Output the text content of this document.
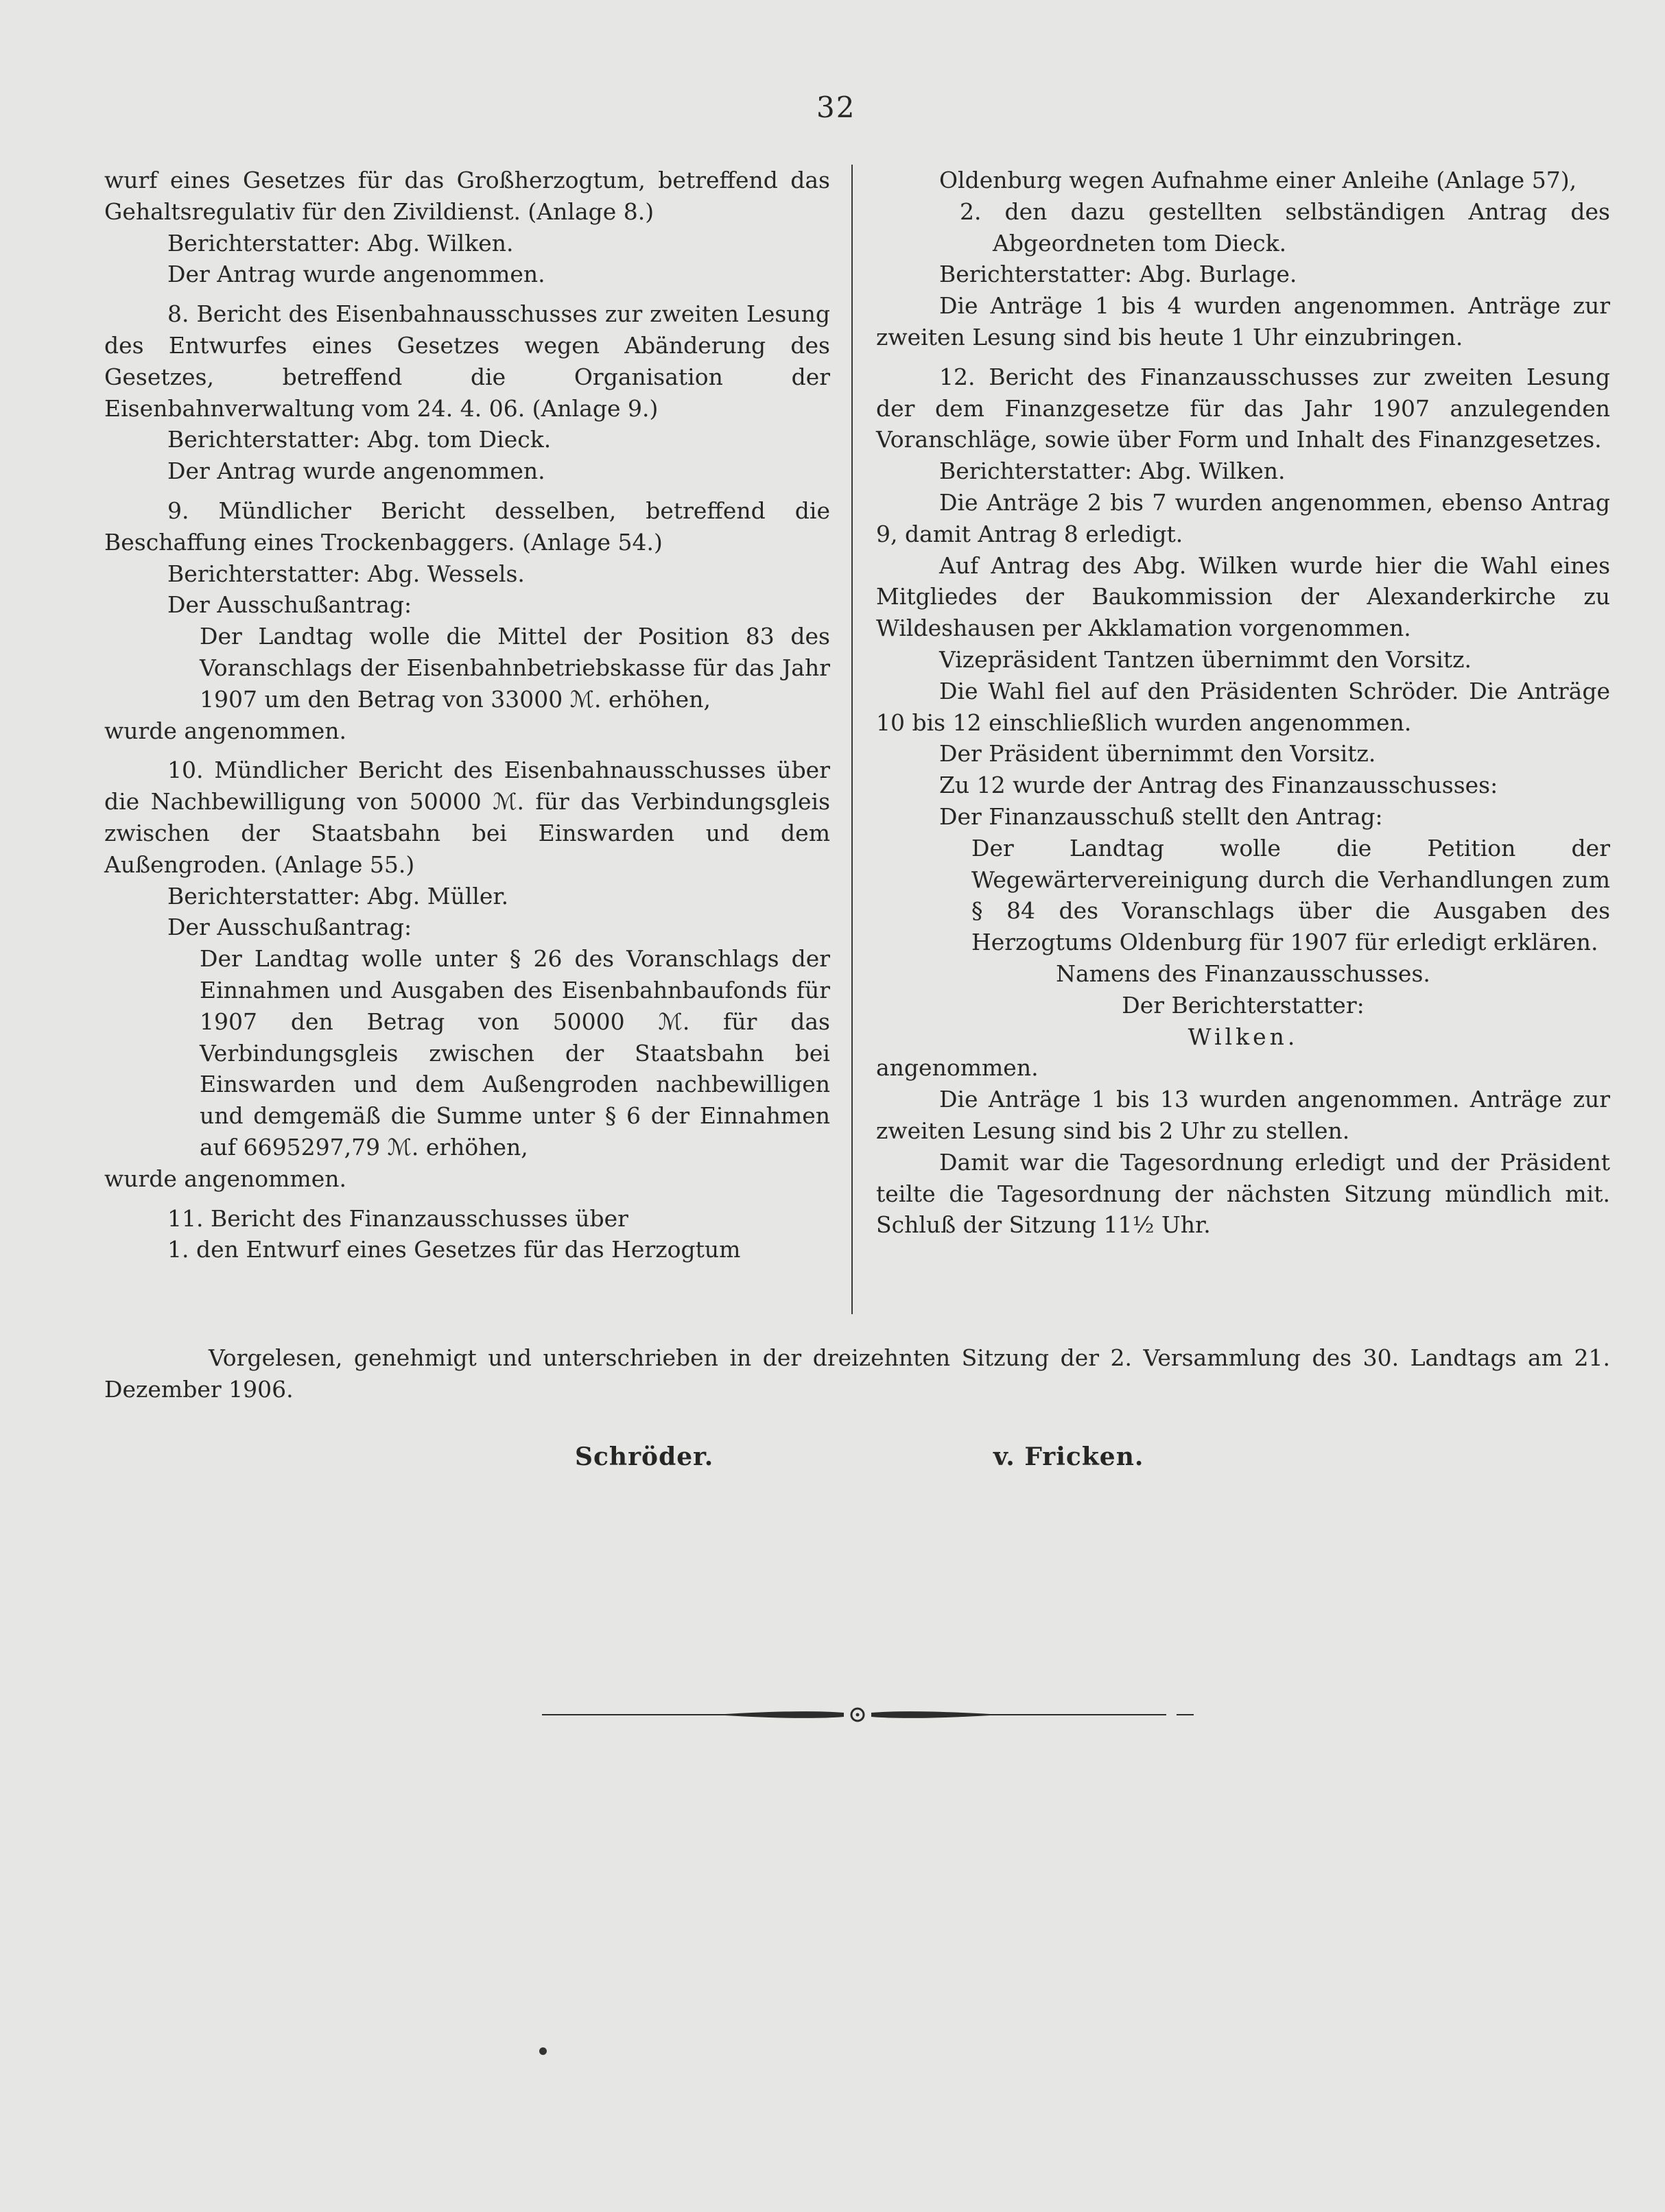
32

wurf eines Gesetzes für das Großherzogtum, betreffend das Gehaltsregulativ für den Zivildienst. (Anlage 8.)

Berichterstatter: Abg. Wilken.

Der Antrag wurde angenommen.

8. Bericht des Eisenbahnausschusses zur zweiten Lesung des Entwurfes eines Gesetzes wegen Abänderung des Gesetzes, betreffend die Organisation der Eisenbahnverwaltung vom 24. 4. 06. (Anlage 9.)

Berichterstatter: Abg. tom Dieck.

Der Antrag wurde angenommen.

9. Mündlicher Bericht desselben, betreffend die Beschaffung eines Trockenbaggers. (Anlage 54.)

Berichterstatter: Abg. Wessels.

Der Ausschußantrag:

Der Landtag wolle die Mittel der Position 83 des Voranschlags der Eisenbahnbetriebskasse für das Jahr 1907 um den Betrag von 33000 ℳ. erhöhen,

wurde angenommen.

10. Mündlicher Bericht des Eisenbahnausschusses über die Nachbewilligung von 50000 ℳ. für das Verbindungsgleis zwischen der Staatsbahn bei Einswarden und dem Außengroden. (Anlage 55.)

Berichterstatter: Abg. Müller.

Der Ausschußantrag:

Der Landtag wolle unter § 26 des Voranschlags der Einnahmen und Ausgaben des Eisenbahnbaufonds für 1907 den Betrag von 50000 ℳ. für das Verbindungsgleis zwischen der Staatsbahn bei Einswarden und dem Außengroden nachbewilligen und demgemäß die Summe unter § 6 der Einnahmen auf 6695297,79 ℳ. erhöhen,

wurde angenommen.

11. Bericht des Finanzausschusses über

1. den Entwurf eines Gesetzes für das Herzogtum

Oldenburg wegen Aufnahme einer Anleihe (Anlage 57),

2. den dazu gestellten selbständigen Antrag des Abgeordneten tom Dieck.

Berichterstatter: Abg. Burlage.

Die Anträge 1 bis 4 wurden angenommen. Anträge zur zweiten Lesung sind bis heute 1 Uhr einzubringen.

12. Bericht des Finanzausschusses zur zweiten Lesung der dem Finanzgesetze für das Jahr 1907 anzulegenden Voranschläge, sowie über Form und Inhalt des Finanzgesetzes.

Berichterstatter: Abg. Wilken.

Die Anträge 2 bis 7 wurden angenommen, ebenso Antrag 9, damit Antrag 8 erledigt.

Auf Antrag des Abg. Wilken wurde hier die Wahl eines Mitgliedes der Baukommission der Alexanderkirche zu Wildeshausen per Akklamation vorgenommen.

Vizepräsident Tantzen übernimmt den Vorsitz.

Die Wahl fiel auf den Präsidenten Schröder. Die Anträge 10 bis 12 einschließlich wurden angenommen.

Der Präsident übernimmt den Vorsitz.

Zu 12 wurde der Antrag des Finanzausschusses:

Der Finanzausschuß stellt den Antrag:

Der Landtag wolle die Petition der Wegewärtervereinigung durch die Verhandlungen zum § 84 des Voranschlags über die Ausgaben des Herzogtums Oldenburg für 1907 für erledigt erklären.

Namens des Finanzausschusses.

Der Berichterstatter:

Wilken.

angenommen.

Die Anträge 1 bis 13 wurden angenommen. Anträge zur zweiten Lesung sind bis 2 Uhr zu stellen.

Damit war die Tagesordnung erledigt und der Präsident teilte die Tagesordnung der nächsten Sitzung mündlich mit. Schluß der Sitzung 11½ Uhr.

Vorgelesen, genehmigt und unterschrieben in der dreizehnten Sitzung der 2. Versammlung des 30. Landtags am 21. Dezember 1906.

Schröder.	v. Fricken.
